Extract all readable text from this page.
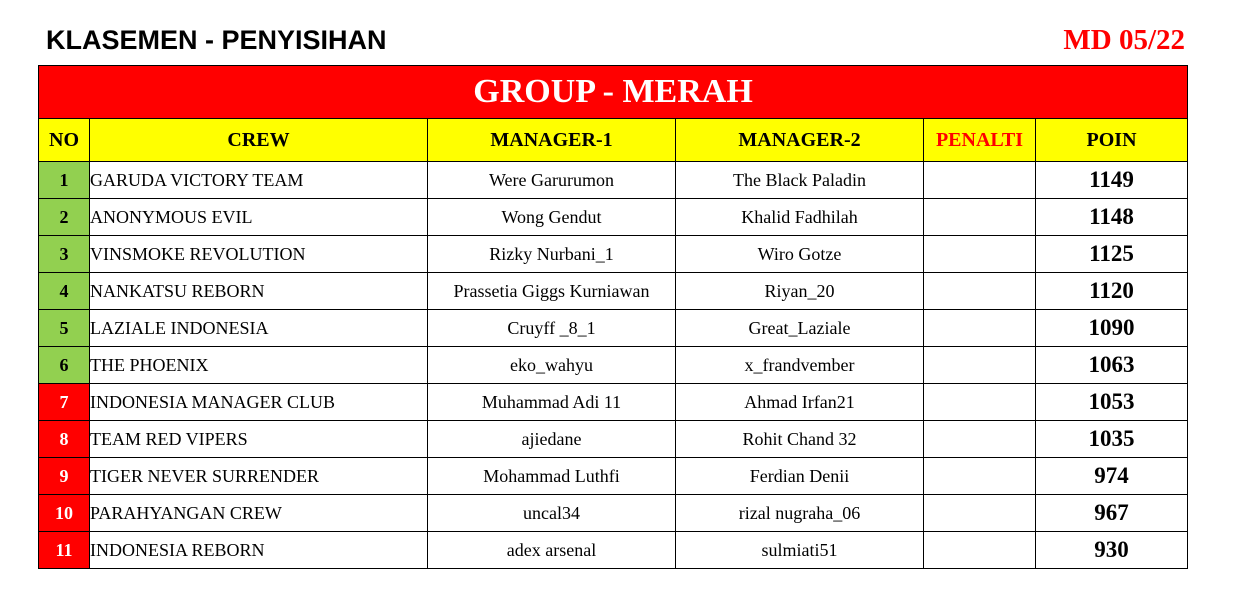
KLASEMEN - PENYISIHAN	MD 05/22
GROUP - MERAH					
NO	CREW	MANAGER-1	MANAGER-2	PENALTI	POIN
1	GARUDA VICTORY TEAM	Were Garurumon	The Black Paladin		1149
2	ANONYMOUS EVIL	Wong Gendut	Khalid Fadhilah		1148
3	VINSMOKE REVOLUTION	Rizky Nurbani_1	Wiro Gotze		1125
4	NANKATSU REBORN	Prassetia Giggs Kurniawan	Riyan_20		1120
5	LAZIALE INDONESIA	Cruyff _8_1	Great_Laziale		1090
6	THE PHOENIX	eko_wahyu	x_frandvember		1063
7	INDONESIA MANAGER CLUB	Muhammad Adi 11	Ahmad Irfan21		1053
8	TEAM RED VIPERS	ajiedane	Rohit Chand 32		1035
9	TIGER NEVER SURRENDER	Mohammad Luthfi	Ferdian Denii		974
10	PARAHYANGAN CREW	uncal34	rizal nugraha_06		967
11	INDONESIA REBORN	adex arsenal	sulmiati51		930
